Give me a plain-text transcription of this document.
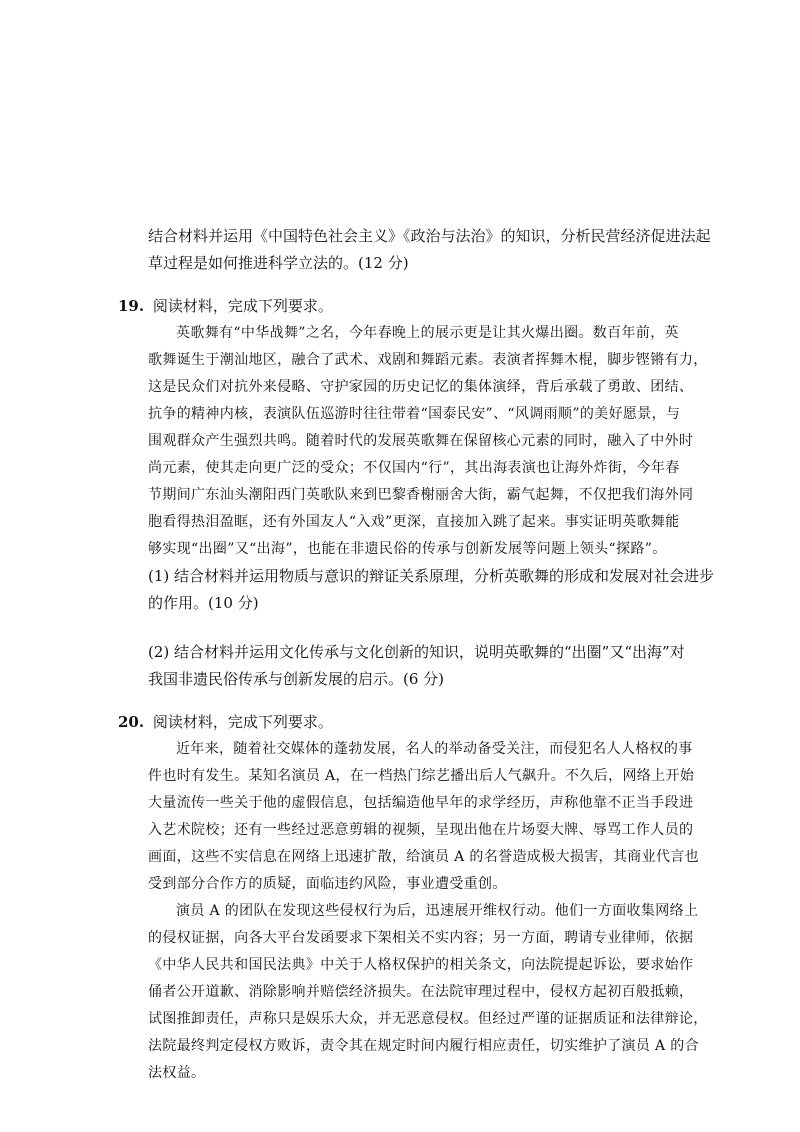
结合材料并运用《中国特色社会主义》《政治与法治》的知识，分析民营经济促进法起
草过程是如何推进科学立法的。(12 分)
19. 阅读材料，完成下列要求。
英歌舞有“中华战舞”之名，今年春晚上的展示更是让其火爆出圈。数百年前，英
歌舞诞生于潮汕地区，融合了武术、戏剧和舞蹈元素。表演者挥舞木棍，脚步铿锵有力，
这是民众们对抗外来侵略、守护家园的历史记忆的集体演绎，背后承载了勇敢、团结、
抗争的精神内核，表演队伍巡游时往往带着“国泰民安”、“风调雨顺”的美好愿景，与
围观群众产生强烈共鸣。随着时代的发展英歌舞在保留核心元素的同时，融入了中外时
尚元素，使其走向更广泛的受众；不仅国内“行”，其出海表演也让海外炸街，今年春
节期间广东汕头潮阳西门英歌队来到巴黎香榭丽舍大街，霸气起舞，不仅把我们海外同
胞看得热泪盈眶，还有外国友人“入戏”更深，直接加入跳了起来。事实证明英歌舞能
够实现“出圈”又“出海”，也能在非遗民俗的传承与创新发展等问题上领头“探路”。
(1) 结合材料并运用物质与意识的辩证关系原理，分析英歌舞的形成和发展对社会进步
的作用。(10 分)
(2) 结合材料并运用文化传承与文化创新的知识，说明英歌舞的“出圈”又“出海”对
我国非遗民俗传承与创新发展的启示。(6 分)
20. 阅读材料，完成下列要求。
近年来，随着社交媒体的蓬勃发展，名人的举动备受关注，而侵犯名人人格权的事
件也时有发生。某知名演员 A，在一档热门综艺播出后人气飙升。不久后，网络上开始
大量流传一些关于他的虚假信息，包括编造他早年的求学经历，声称他靠不正当手段进
入艺术院校；还有一些经过恶意剪辑的视频，呈现出他在片场耍大牌、辱骂工作人员的
画面，这些不实信息在网络上迅速扩散，给演员 A 的名誉造成极大损害，其商业代言也
受到部分合作方的质疑，面临违约风险，事业遭受重创。
演员 A 的团队在发现这些侵权行为后，迅速展开维权行动。他们一方面收集网络上
的侵权证据，向各大平台发函要求下架相关不实内容；另一方面，聘请专业律师，依据
《中华人民共和国民法典》中关于人格权保护的相关条文，向法院提起诉讼，要求始作
俑者公开道歉、消除影响并赔偿经济损失。在法院审理过程中，侵权方起初百般抵赖，
试图推卸责任，声称只是娱乐大众，并无恶意侵权。但经过严谨的证据质证和法律辩论，
法院最终判定侵权方败诉，责令其在规定时间内履行相应责任，切实维护了演员 A 的合
法权益。
